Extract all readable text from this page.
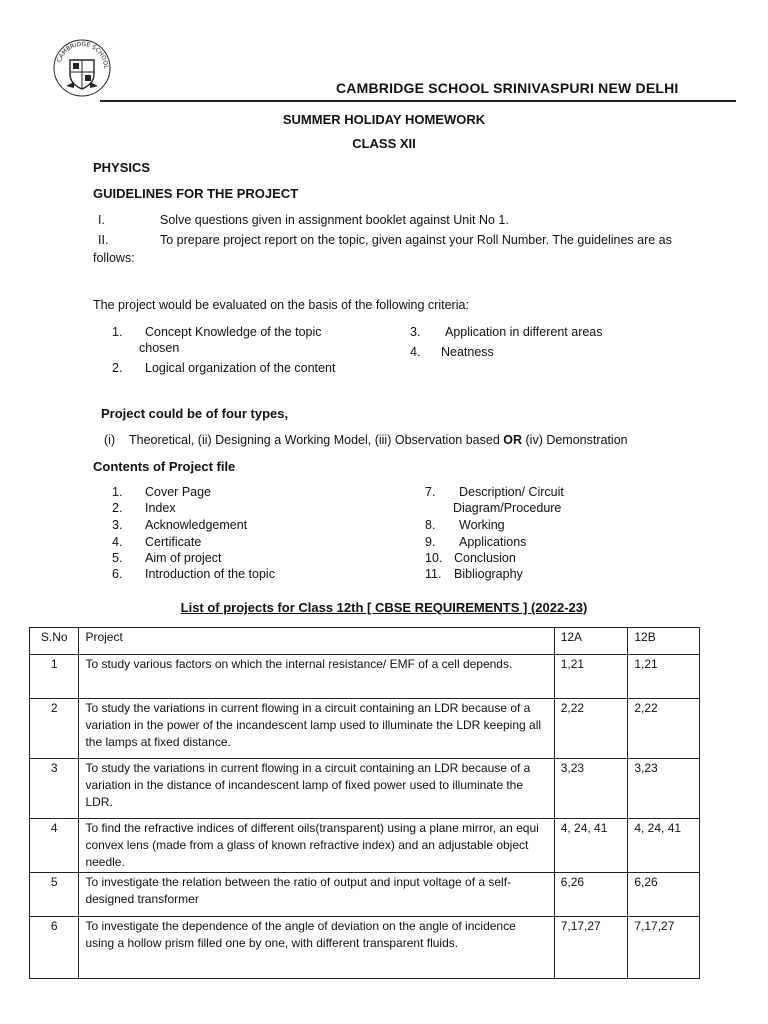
CAMBRIDGE SCHOOL
CAMBRIDGE SCHOOL SRINIVASPURI NEW DELHI
SUMMER HOLIDAY HOMEWORK
CLASS XII
PHYSICS
GUIDELINES FOR THE PROJECT
I.	Solve questions given in assignment booklet against Unit No 1.
II.	To prepare project report on the topic, given against your Roll Number. The guidelines are as
follows:
The project would be evaluated on the basis of the following criteria:
1. Concept Knowledge of the topic
chosen
2. Logical organization of the content
3. Application in different areas
4. Neatness
Project could be of four types,
(i) Theoretical, (ii) Designing a Working Model, (iii) Observation based OR (iv) Demonstration
Contents of Project file
1. Cover Page
2. Index
3. Acknowledgement
4. Certificate
5. Aim of project
6. Introduction of the topic
7. Description/ Circuit
Diagram/Procedure
8. Working
9. Applications
10. Conclusion
11. Bibliography
List of projects for Class 12th [ CBSE REQUIREMENTS ] (2022-23)
S.No	Project	12A	12B
1	To study various factors on which the internal resistance/ EMF of a cell depends.	1,21	1,21
2	To study the variations in current flowing in a circuit containing an LDR because of a variation in the power of the incandescent lamp used to illuminate the LDR keeping all the lamps at fixed distance.	2,22	2,22
3	To study the variations in current flowing in a circuit containing an LDR because of a variation in the distance of incandescent lamp of fixed power used to illuminate the LDR.	3,23	3,23
4	To find the refractive indices of different oils(transparent) using a plane mirror, an equi convex lens (made from a glass of known refractive index) and an adjustable object needle.	4, 24, 41	4, 24, 41
5	To investigate the relation between the ratio of output and input voltage of a self-designed transformer	6,26	6,26
6	To investigate the dependence of the angle of deviation on the angle of incidence using a hollow prism filled one by one, with different transparent fluids.	7,17,27	7,17,27
